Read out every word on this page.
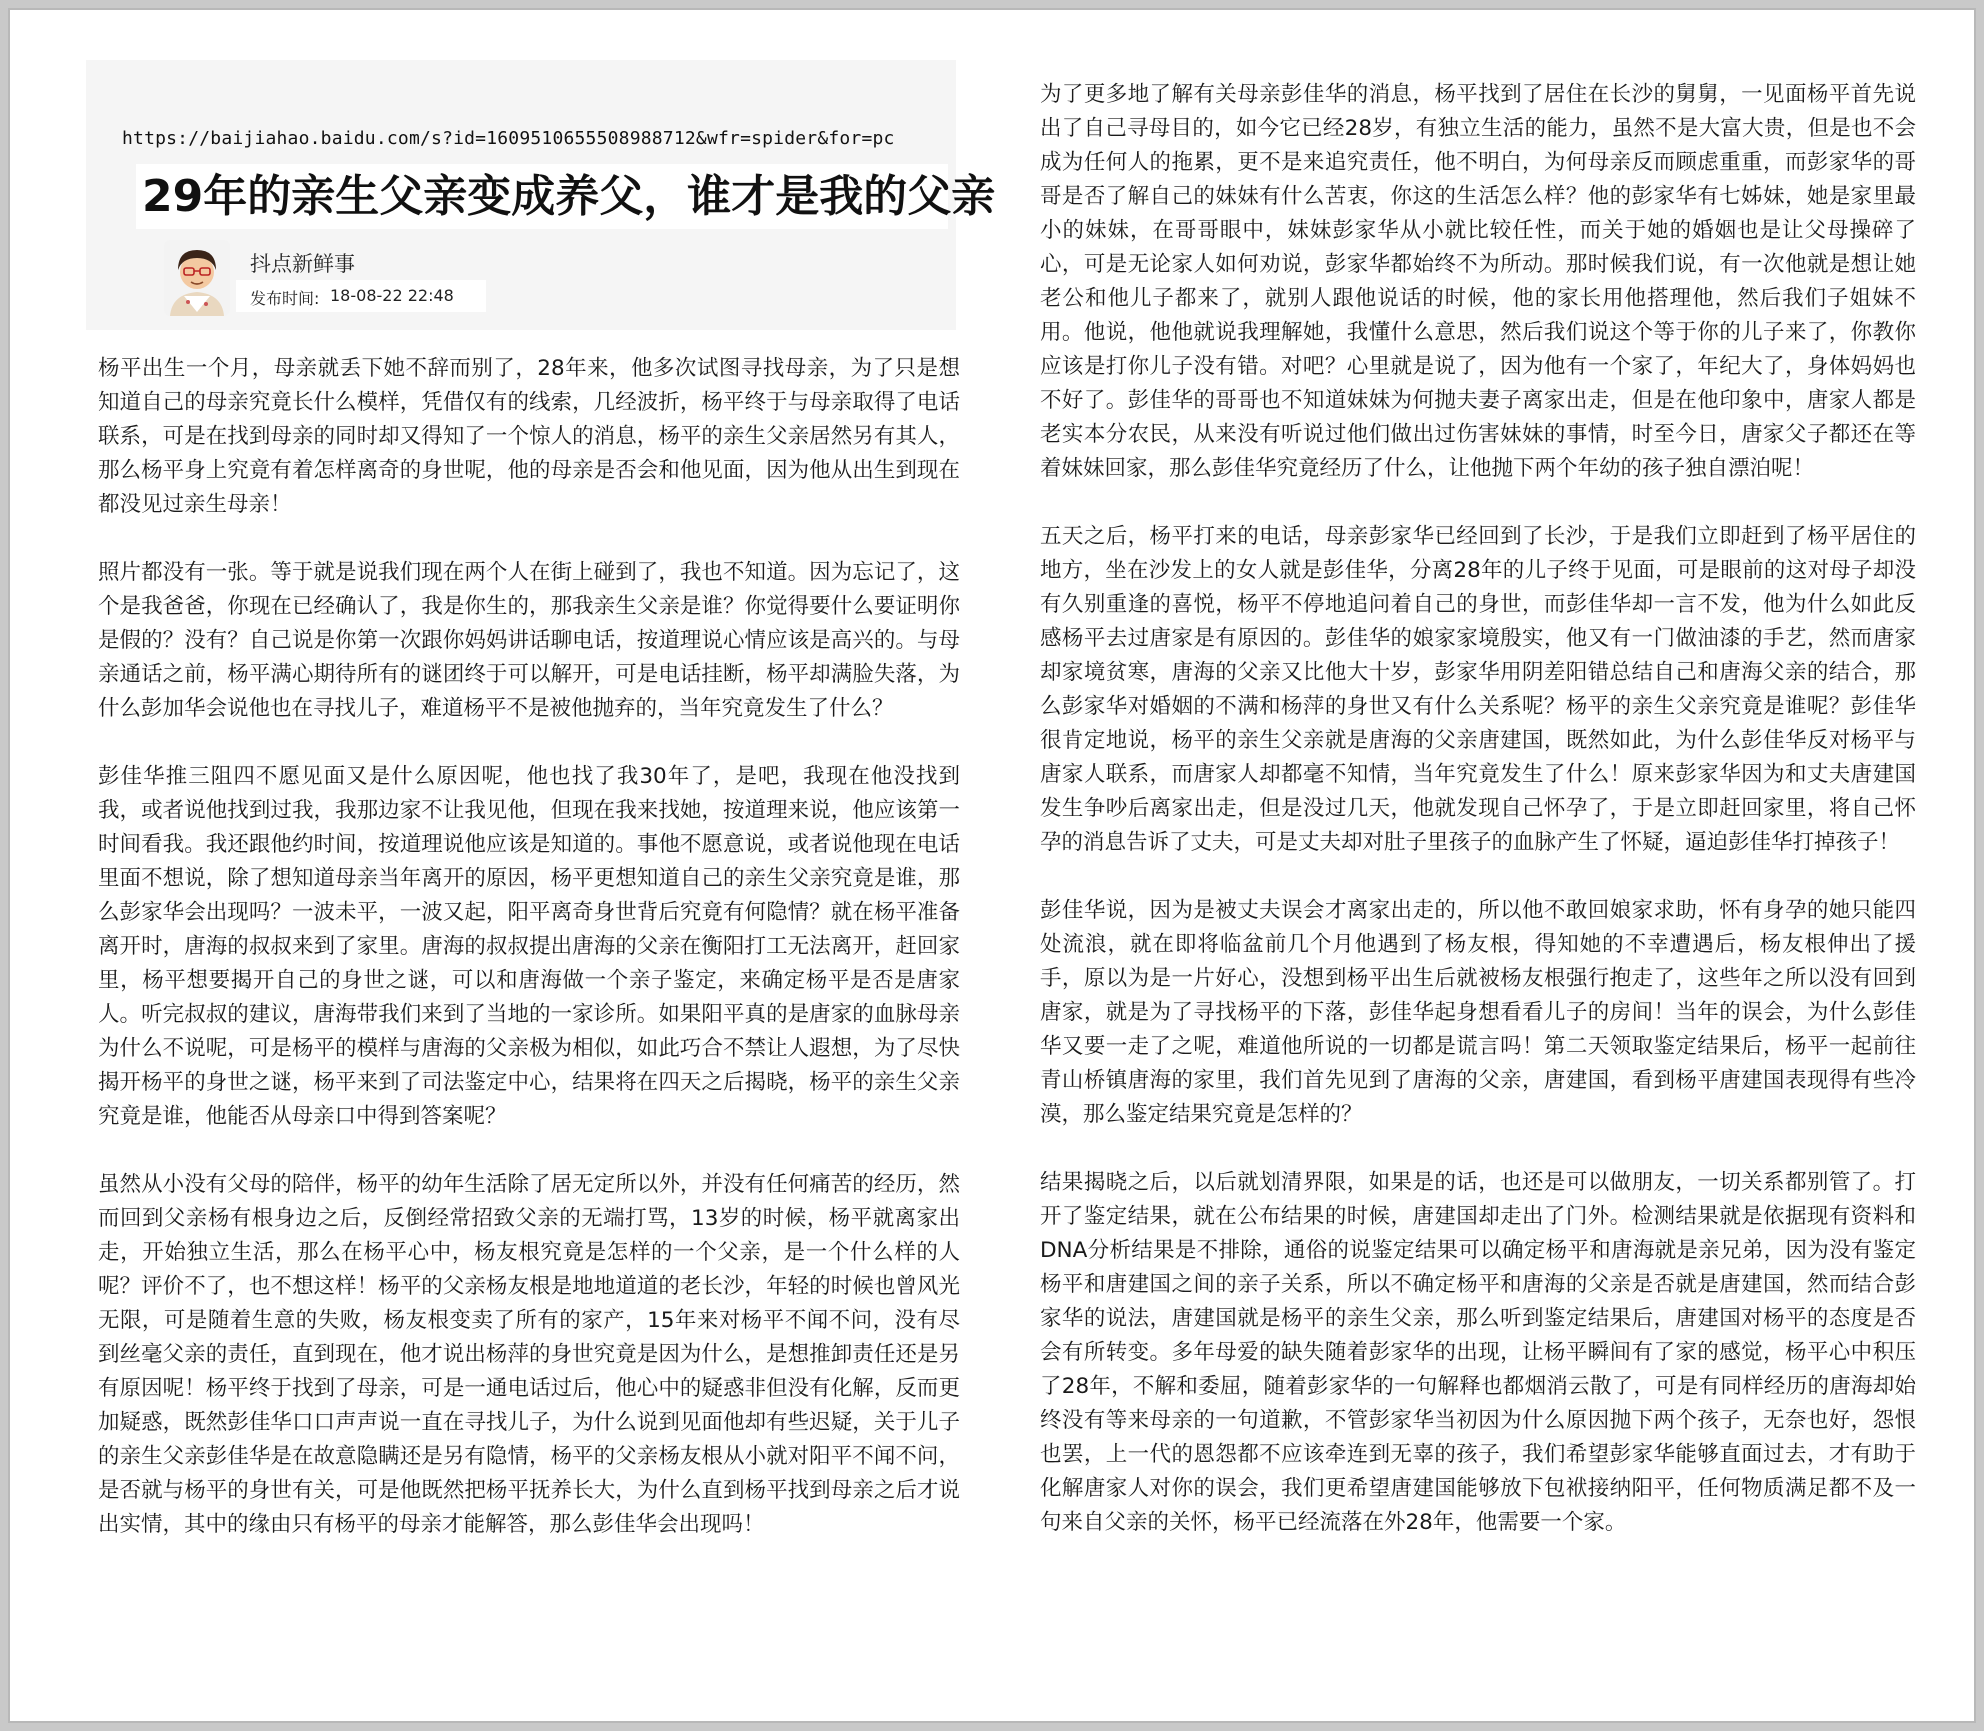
https://baijiahao.baidu.com/s?id=1609510655508988712&wfr=spider&for=pc
29年的亲生父亲变成养父，谁才是我的父亲
抖点新鲜事
发布时间: 18-08-22 22:48

杨平出生一个月，母亲就丢下她不辞而别了，28年来，他多次试图寻找母亲，为了只是想知道自己的母亲究竟长什么模样，凭借仅有的线索，几经波折，杨平终于与母亲取得了电话联系，可是在找到母亲的同时却又得知了一个惊人的消息，杨平的亲生父亲居然另有其人，那么杨平身上究竟有着怎样离奇的身世呢，他的母亲是否会和他见面，因为他从出生到现在都没见过亲生母亲！

照片都没有一张。等于就是说我们现在两个人在街上碰到了，我也不知道。因为忘记了，这个是我爸爸，你现在已经确认了，我是你生的，那我亲生父亲是谁？你觉得要什么要证明你是假的？没有？自己说是你第一次跟你妈妈讲话聊电话，按道理说心情应该是高兴的。与母亲通话之前，杨平满心期待所有的谜团终于可以解开，可是电话挂断，杨平却满脸失落，为什么彭加华会说他也在寻找儿子，难道杨平不是被他抛弃的，当年究竟发生了什么？

彭佳华推三阻四不愿见面又是什么原因呢，他也找了我30年了，是吧，我现在他没找到我，或者说他找到过我，我那边家不让我见他，但现在我来找她，按道理来说，他应该第一时间看我。我还跟他约时间，按道理说他应该是知道的。事他不愿意说，或者说他现在电话里面不想说，除了想知道母亲当年离开的原因，杨平更想知道自己的亲生父亲究竟是谁，那么彭家华会出现吗？一波未平，一波又起，阳平离奇身世背后究竟有何隐情？就在杨平准备离开时，唐海的叔叔来到了家里。唐海的叔叔提出唐海的父亲在衡阳打工无法离开，赶回家里，杨平想要揭开自己的身世之谜，可以和唐海做一个亲子鉴定，来确定杨平是否是唐家人。听完叔叔的建议，唐海带我们来到了当地的一家诊所。如果阳平真的是唐家的血脉母亲为什么不说呢，可是杨平的模样与唐海的父亲极为相似，如此巧合不禁让人遐想，为了尽快揭开杨平的身世之谜，杨平来到了司法鉴定中心，结果将在四天之后揭晓，杨平的亲生父亲究竟是谁，他能否从母亲口中得到答案呢？

虽然从小没有父母的陪伴，杨平的幼年生活除了居无定所以外，并没有任何痛苦的经历，然而回到父亲杨有根身边之后，反倒经常招致父亲的无端打骂，13岁的时候，杨平就离家出走，开始独立生活，那么在杨平心中，杨友根究竟是怎样的一个父亲，是一个什么样的人呢？评价不了，也不想这样！杨平的父亲杨友根是地地道道的老长沙，年轻的时候也曾风光无限，可是随着生意的失败，杨友根变卖了所有的家产，15年来对杨平不闻不问，没有尽到丝毫父亲的责任，直到现在，他才说出杨萍的身世究竟是因为什么，是想推卸责任还是另有原因呢！杨平终于找到了母亲，可是一通电话过后，他心中的疑惑非但没有化解，反而更加疑惑，既然彭佳华口口声声说一直在寻找儿子，为什么说到见面他却有些迟疑，关于儿子的亲生父亲彭佳华是在故意隐瞒还是另有隐情，杨平的父亲杨友根从小就对阳平不闻不问，是否就与杨平的身世有关，可是他既然把杨平抚养长大，为什么直到杨平找到母亲之后才说出实情，其中的缘由只有杨平的母亲才能解答，那么彭佳华会出现吗！

为了更多地了解有关母亲彭佳华的消息，杨平找到了居住在长沙的舅舅，一见面杨平首先说出了自己寻母目的，如今它已经28岁，有独立生活的能力，虽然不是大富大贵，但是也不会成为任何人的拖累，更不是来追究责任，他不明白，为何母亲反而顾虑重重，而彭家华的哥哥是否了解自己的妹妹有什么苦衷，你这的生活怎么样？他的彭家华有七姊妹，她是家里最小的妹妹，在哥哥眼中，妹妹彭家华从小就比较任性，而关于她的婚姻也是让父母操碎了心，可是无论家人如何劝说，彭家华都始终不为所动。那时候我们说，有一次他就是想让她老公和他儿子都来了，就别人跟他说话的时候，他的家长用他搭理他，然后我们子姐妹不用。他说，他他就说我理解她，我懂什么意思，然后我们说这个等于你的儿子来了，你教你应该是打你儿子没有错。对吧？心里就是说了，因为他有一个家了，年纪大了，身体妈妈也不好了。彭佳华的哥哥也不知道妹妹为何抛夫妻子离家出走，但是在他印象中，唐家人都是老实本分农民，从来没有听说过他们做出过伤害妹妹的事情，时至今日，唐家父子都还在等着妹妹回家，那么彭佳华究竟经历了什么，让他抛下两个年幼的孩子独自漂泊呢！

五天之后，杨平打来的电话，母亲彭家华已经回到了长沙，于是我们立即赶到了杨平居住的地方，坐在沙发上的女人就是彭佳华，分离28年的儿子终于见面，可是眼前的这对母子却没有久别重逢的喜悦，杨平不停地追问着自己的身世，而彭佳华却一言不发，他为什么如此反感杨平去过唐家是有原因的。彭佳华的娘家家境殷实，他又有一门做油漆的手艺，然而唐家却家境贫寒，唐海的父亲又比他大十岁，彭家华用阴差阳错总结自己和唐海父亲的结合，那么彭家华对婚姻的不满和杨萍的身世又有什么关系呢？杨平的亲生父亲究竟是谁呢？彭佳华很肯定地说，杨平的亲生父亲就是唐海的父亲唐建国，既然如此，为什么彭佳华反对杨平与唐家人联系，而唐家人却都毫不知情，当年究竟发生了什么！原来彭家华因为和丈夫唐建国发生争吵后离家出走，但是没过几天，他就发现自己怀孕了，于是立即赶回家里，将自己怀孕的消息告诉了丈夫，可是丈夫却对肚子里孩子的血脉产生了怀疑，逼迫彭佳华打掉孩子！

彭佳华说，因为是被丈夫误会才离家出走的，所以他不敢回娘家求助，怀有身孕的她只能四处流浪，就在即将临盆前几个月他遇到了杨友根，得知她的不幸遭遇后，杨友根伸出了援手，原以为是一片好心，没想到杨平出生后就被杨友根强行抱走了，这些年之所以没有回到唐家，就是为了寻找杨平的下落，彭佳华起身想看看儿子的房间！当年的误会，为什么彭佳华又要一走了之呢，难道他所说的一切都是谎言吗！第二天领取鉴定结果后，杨平一起前往青山桥镇唐海的家里，我们首先见到了唐海的父亲，唐建国，看到杨平唐建国表现得有些冷漠，那么鉴定结果究竟是怎样的？

结果揭晓之后，以后就划清界限，如果是的话，也还是可以做朋友，一切关系都别管了。打开了鉴定结果，就在公布结果的时候，唐建国却走出了门外。检测结果就是依据现有资料和DNA分析结果是不排除，通俗的说鉴定结果可以确定杨平和唐海就是亲兄弟，因为没有鉴定杨平和唐建国之间的亲子关系，所以不确定杨平和唐海的父亲是否就是唐建国，然而结合彭家华的说法，唐建国就是杨平的亲生父亲，那么听到鉴定结果后，唐建国对杨平的态度是否会有所转变。多年母爱的缺失随着彭家华的出现，让杨平瞬间有了家的感觉，杨平心中积压了28年，不解和委屈，随着彭家华的一句解释也都烟消云散了，可是有同样经历的唐海却始终没有等来母亲的一句道歉，不管彭家华当初因为什么原因抛下两个孩子，无奈也好，怨恨也罢，上一代的恩怨都不应该牵连到无辜的孩子，我们希望彭家华能够直面过去，才有助于化解唐家人对你的误会，我们更希望唐建国能够放下包袱接纳阳平，任何物质满足都不及一句来自父亲的关怀，杨平已经流落在外28年，他需要一个家。
